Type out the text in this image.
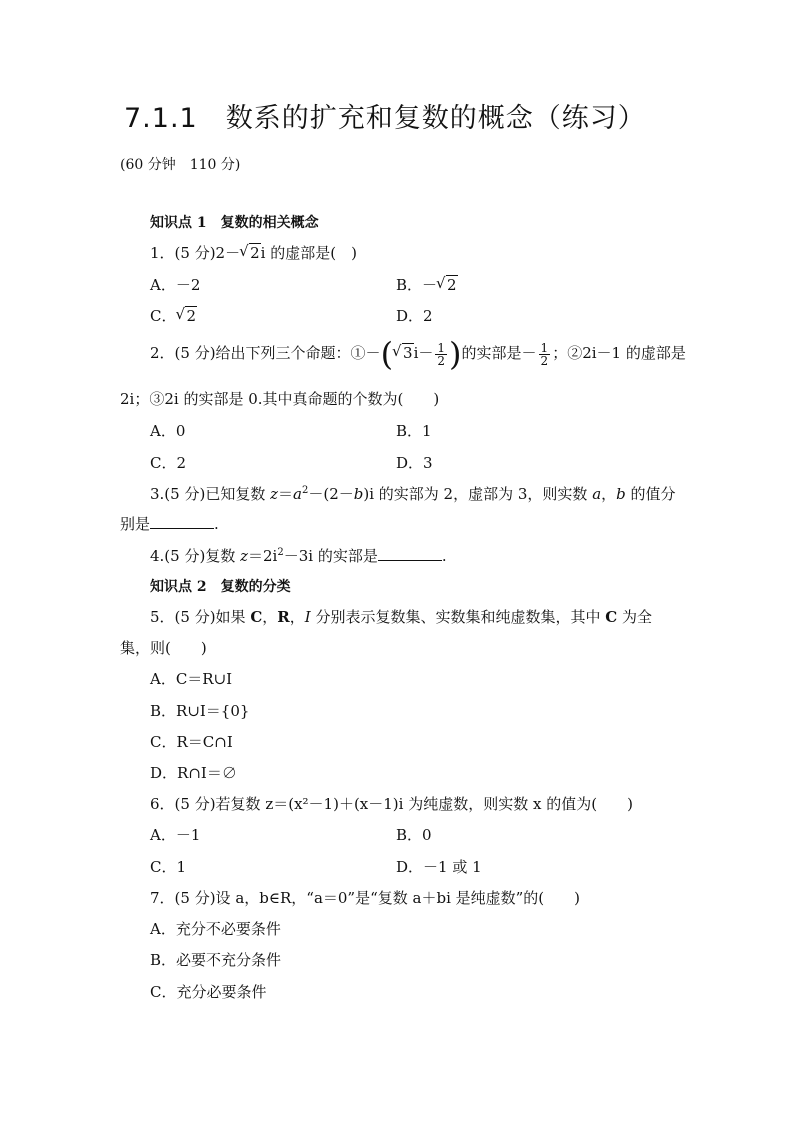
7.1.1　数系的扩充和复数的概念（练习）
(60 分钟　110 分)
知识点 1　复数的相关概念
1．(5 分)2－ √ 2i 的虚部是(　)
A．－2	B．－ √ 2
C． √ 2	D．2
2．(5 分)给出下列三个命题：①－( √ $3i- \frac{1}{2}$ )的实部是－ $\frac{1}{2}$ ；②2i－1 的虚部是
2i；③2i 的实部是 0.其中真命题的个数为(　　)
A．0	B．1
C．2	D．3
3.(5 分)已知复数 $z=a^2-(2-b)i$ 的实部为 2，虚部为 3，则实数 a，b 的值分
别是	.
4.(5 分)复数 $z=2i^2-3i$ 的实部是	.
知识点 2　复数的分类
5．(5 分)如果 C，R，I 分别表示复数集、实数集和纯虚数集，其中 C 为全
集，则(　　)
A．C＝R∪I
B．R∪I＝{0}
C．R＝C∩I
D．R∩I＝∅
6．(5 分)若复数 z＝(x²－1)＋(x－1)i 为纯虚数，则实数 x 的值为(　　)
A．－1	B．0
C．1	D．－1 或 1
7．(5 分)设 a，b∈R，“a＝0”是“复数 a＋bi 是纯虚数”的(　　)
A．充分不必要条件
B．必要不充分条件
C．充分必要条件
